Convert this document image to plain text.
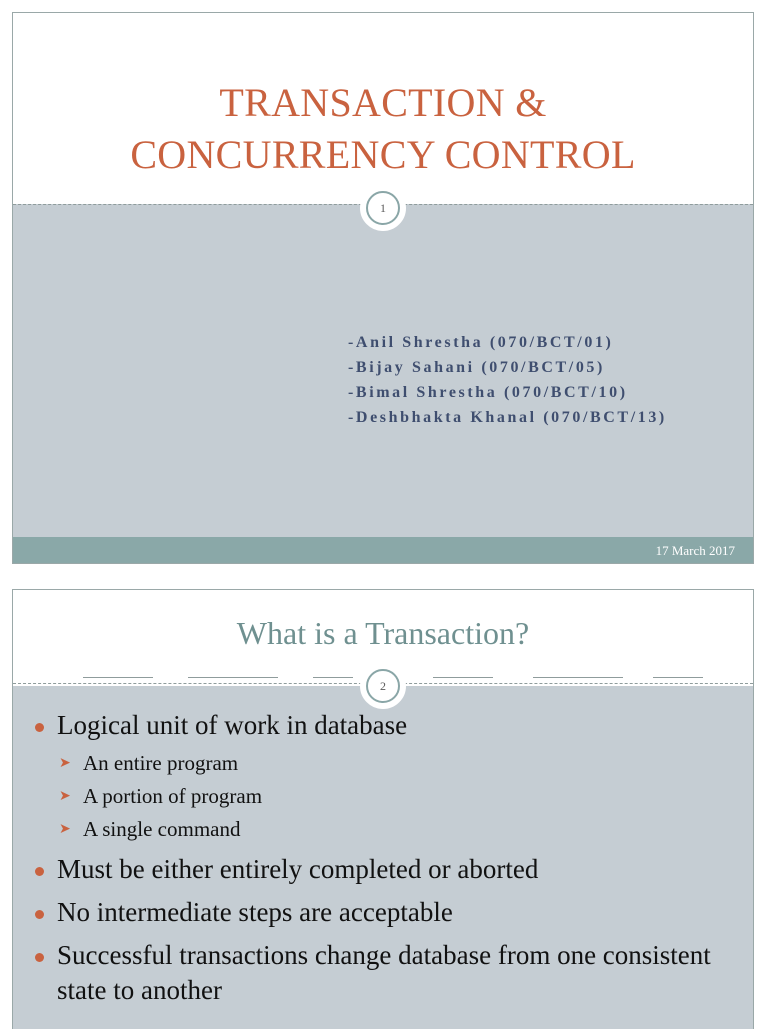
TRANSACTION &
CONCURRENCY CONTROL
1
-Anil Shrestha (070/BCT/01)
-Bijay Sahani (070/BCT/05)
-Bimal Shrestha (070/BCT/10)
-Deshbhakta Khanal (070/BCT/13)
17 March 2017
What is a Transaction?
2
Logical unit of work in database
➤ An entire program
➤ A portion of program
➤ A single command
Must be either entirely completed or aborted
No intermediate steps are acceptable
Successful transactions change database from one consistent state to another
